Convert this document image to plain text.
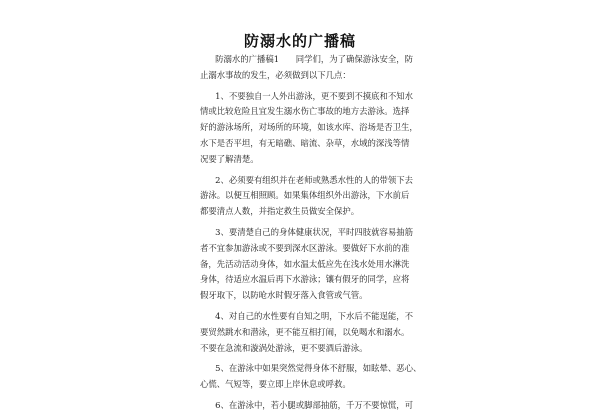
防溺水的广播稿

防溺水的广播稿1　　同学们，为了确保游泳安全，防
止溺水事故的发生，必须做到以下几点：

1、不要独自一人外出游泳，更不要到不摸底和不知水
情或比较危险且宜发生溺水伤亡事故的地方去游泳。选择
好的游泳场所，对场所的环境，如该水库、浴场是否卫生，
水下是否平坦，有无暗礁、暗流、杂草，水域的深浅等情
况要了解清楚。

2、必须要有组织并在老师或熟悉水性的人的带领下去
游泳。以便互相照顾。如果集体组织外出游泳，下水前后
都要清点人数，并指定救生员做安全保护。

3、要清楚自己的身体健康状况，平时四肢就容易抽筋
者不宜参加游泳或不要到深水区游泳。要做好下水前的准
备，先活动活动身体，如水温太低应先在浅水处用水淋洗
身体，待适应水温后再下水游泳；镶有假牙的同学，应将
假牙取下，以防呛水时假牙落入食管或气管。

4、对自己的水性要有自知之明，下水后不能逞能，不
要贸然跳水和潜泳，更不能互相打闹，以免喝水和溺水。
不要在急流和漩涡处游泳，更不要酒后游泳。

5、在游泳中如果突然觉得身体不舒服，如眩晕、恶心、
心慌、气短等，要立即上岸休息或呼救。

6、在游泳中，若小腿或脚部抽筋，千万不要惊慌，可
